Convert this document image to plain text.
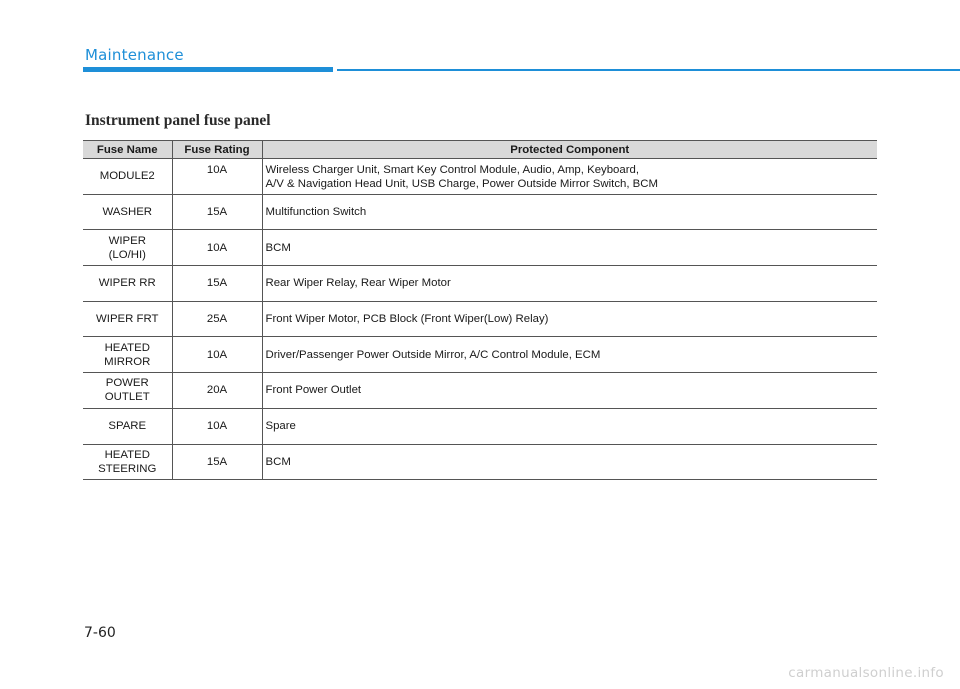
Maintenance
Instrument panel fuse panel
Fuse Name	Fuse Rating	Protected Component
MODULE2	10A	Wireless Charger Unit, Smart Key Control Module, Audio, Amp, Keyboard,
A/V & Navigation Head Unit, USB Charge, Power Outside Mirror Switch, BCM
WASHER	15A	Multifunction Switch
WIPER
(LO/HI)	10A	BCM
WIPER RR	15A	Rear Wiper Relay, Rear Wiper Motor
WIPER FRT	25A	Front Wiper Motor, PCB Block (Front Wiper(Low) Relay)
HEATED
MIRROR	10A	Driver/Passenger Power Outside Mirror, A/C Control Module, ECM
POWER
OUTLET	20A	Front Power Outlet
SPARE	10A	Spare
HEATED
STEERING	15A	BCM
7-60
carmanualsonline.info
